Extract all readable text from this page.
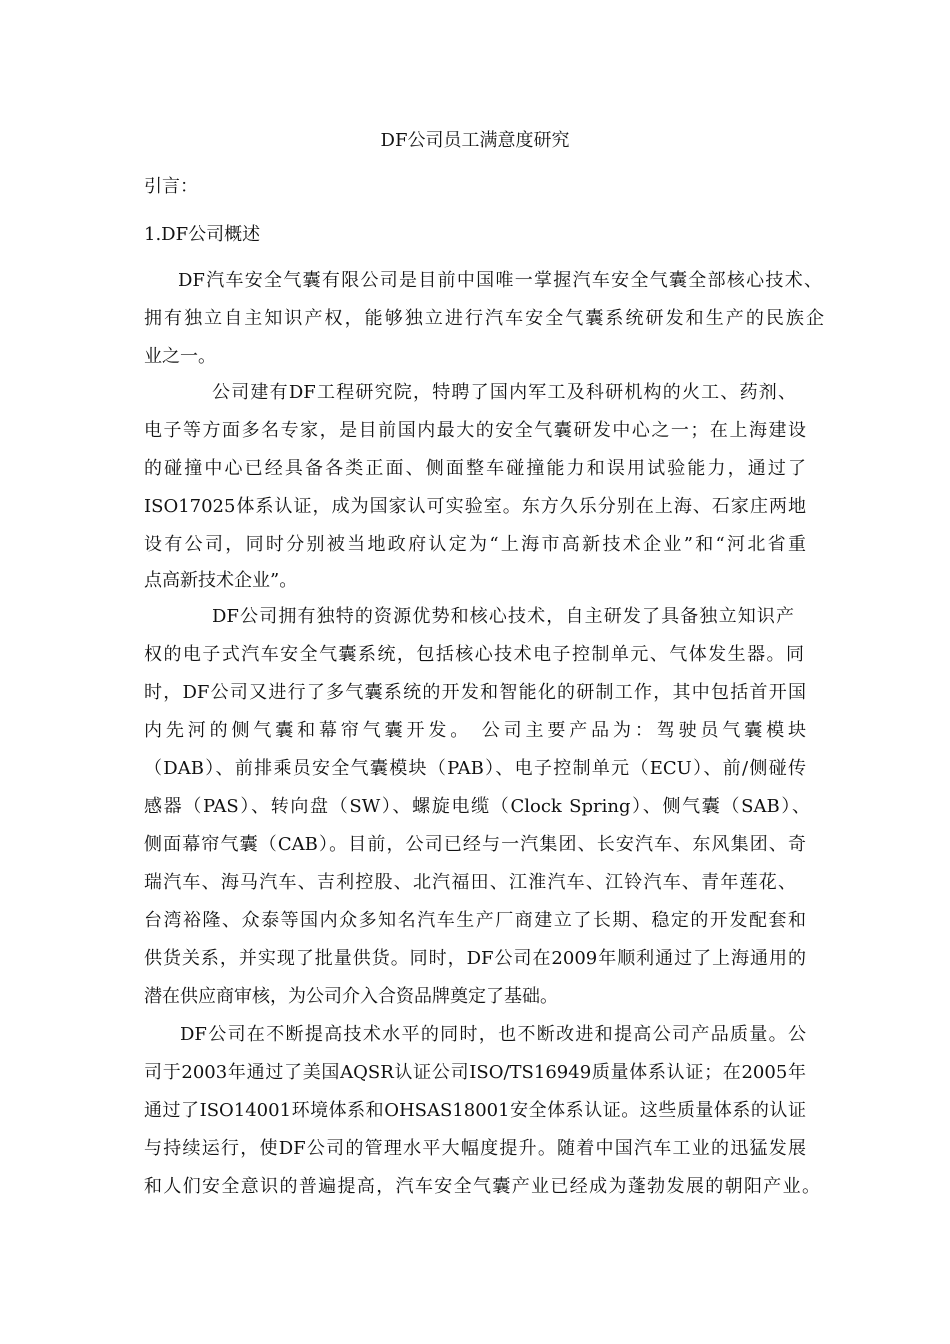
DF公司员工满意度研究
引言：
1.DF公司概述
DF汽车安全气囊有限公司是目前中国唯一掌握汽车安全气囊全部核心技术、
拥有独立自主知识产权，能够独立进行汽车安全气囊系统研发和生产的民族企
业之一。
公司建有DF工程研究院，特聘了国内军工及科研机构的火工、药剂、
电子等方面多名专家，是目前国内最大的安全气囊研发中心之一；在上海建设
的碰撞中心已经具备各类正面、侧面整车碰撞能力和误用试验能力，通过了
ISO17025体系认证，成为国家认可实验室。东方久乐分别在上海、石家庄两地
设有公司，同时分别被当地政府认定为“上海市高新技术企业”和“河北省重
点高新技术企业”。
DF公司拥有独特的资源优势和核心技术，自主研发了具备独立知识产
权的电子式汽车安全气囊系统，包括核心技术电子控制单元、气体发生器。同
时，DF公司又进行了多气囊系统的开发和智能化的研制工作，其中包括首开国
内先河的侧气囊和幕帘气囊开发。 公司主要产品为：驾驶员气囊模块
（DAB）、前排乘员安全气囊模块（PAB）、电子控制单元（ECU）、前/侧碰传
感器（PAS）、转向盘（SW）、螺旋电缆（Clock Spring）、侧气囊（SAB）、
侧面幕帘气囊（CAB）。目前，公司已经与一汽集团、长安汽车、东风集团、奇
瑞汽车、海马汽车、吉利控股、北汽福田、江淮汽车、江铃汽车、青年莲花、
台湾裕隆、众泰等国内众多知名汽车生产厂商建立了长期、稳定的开发配套和
供货关系，并实现了批量供货。同时，DF公司在2009年顺利通过了上海通用的
潜在供应商审核，为公司介入合资品牌奠定了基础。
DF公司在不断提高技术水平的同时，也不断改进和提高公司产品质量。公
司于2003年通过了美国AQSR认证公司ISO/TS16949质量体系认证；在2005年
通过了ISO14001环境体系和OHSAS18001安全体系认证。这些质量体系的认证
与持续运行，使DF公司的管理水平大幅度提升。随着中国汽车工业的迅猛发展
和人们安全意识的普遍提高，汽车安全气囊产业已经成为蓬勃发展的朝阳产业。
